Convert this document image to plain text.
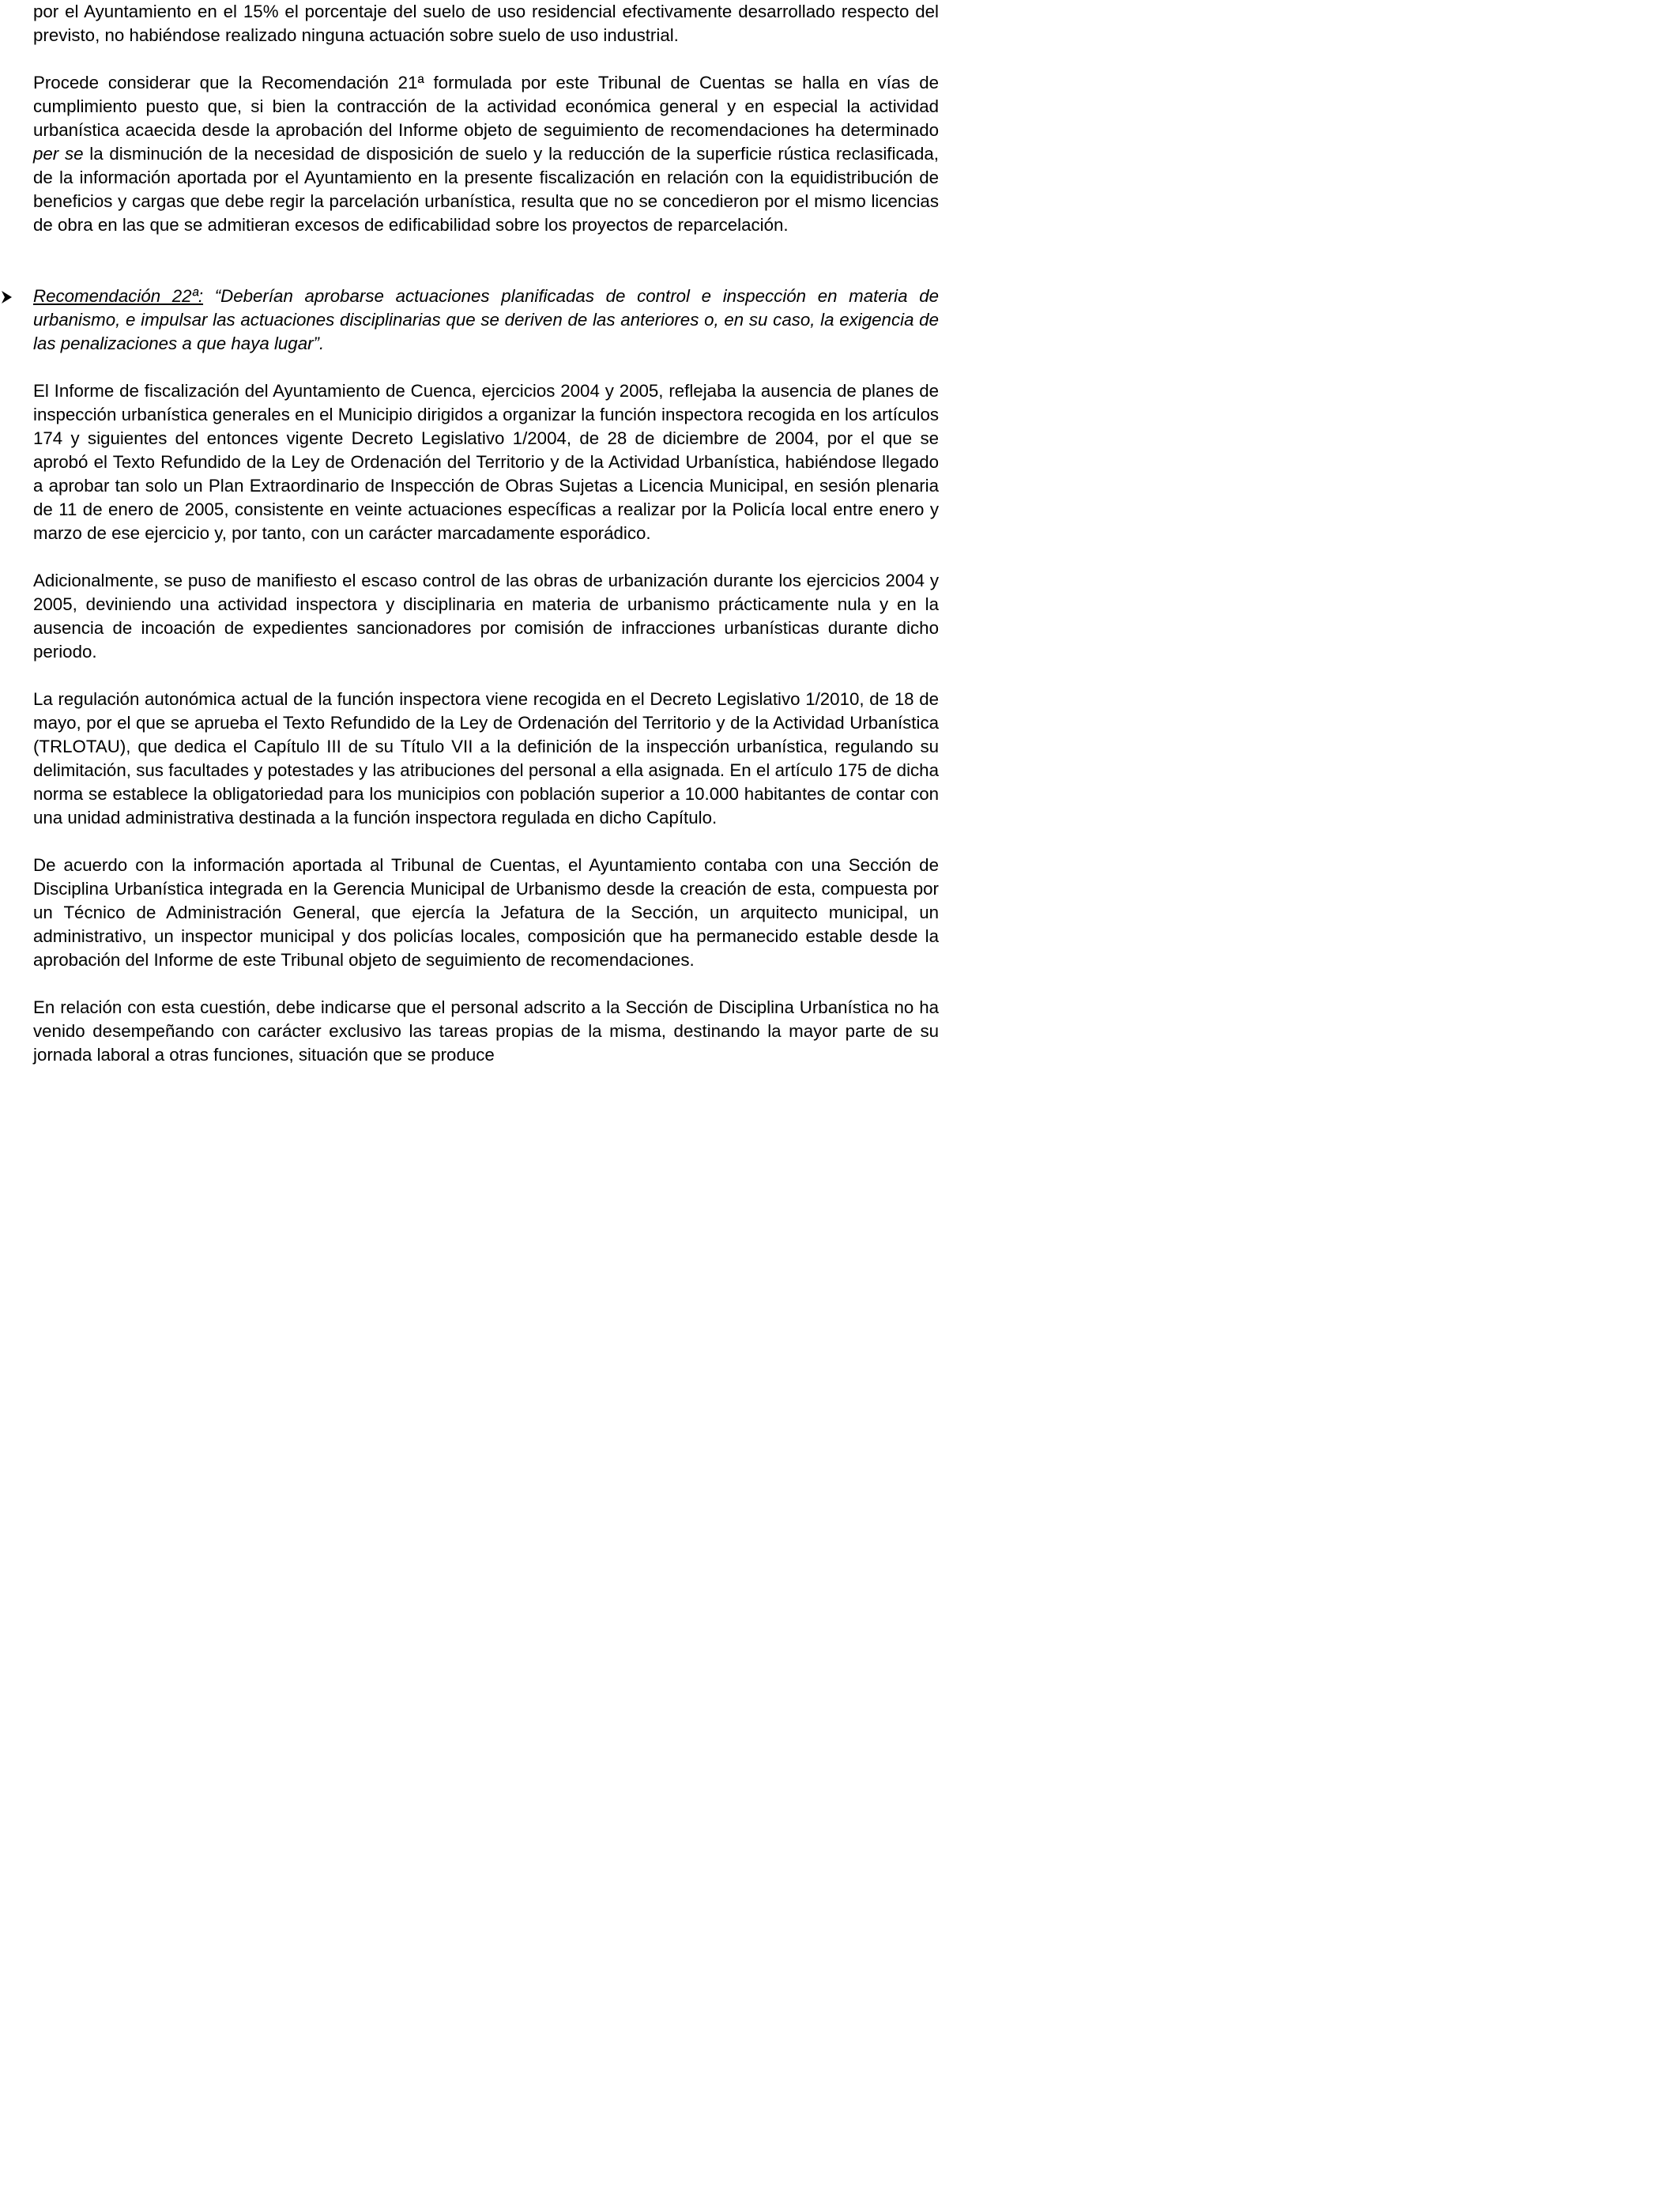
por el Ayuntamiento en el 15% el porcentaje del suelo de uso residencial efectivamente desarrollado respecto del previsto, no habiéndose realizado ninguna actuación sobre suelo de uso industrial.

Procede considerar que la Recomendación 21ª formulada por este Tribunal de Cuentas se halla en vías de cumplimiento puesto que, si bien la contracción de la actividad económica general y en especial la actividad urbanística acaecida desde la aprobación del Informe objeto de seguimiento de recomendaciones ha determinado per se la disminución de la necesidad de disposición de suelo y la reducción de la superficie rústica reclasificada, de la información aportada por el Ayuntamiento en la presente fiscalización en relación con la equidistribución de beneficios y cargas que debe regir la parcelación urbanística, resulta que no se concedieron por el mismo licencias de obra en las que se admitieran excesos de edificabilidad sobre los proyectos de reparcelación.

Recomendación 22ª: “Deberían aprobarse actuaciones planificadas de control e inspección en materia de urbanismo, e impulsar las actuaciones disciplinarias que se deriven de las anteriores o, en su caso, la exigencia de las penalizaciones a que haya lugar”.

El Informe de fiscalización del Ayuntamiento de Cuenca, ejercicios 2004 y 2005, reflejaba la ausencia de planes de inspección urbanística generales en el Municipio dirigidos a organizar la función inspectora recogida en los artículos 174 y siguientes del entonces vigente Decreto Legislativo 1/2004, de 28 de diciembre de 2004, por el que se aprobó el Texto Refundido de la Ley de Ordenación del Territorio y de la Actividad Urbanística, habiéndose llegado a aprobar tan solo un Plan Extraordinario de Inspección de Obras Sujetas a Licencia Municipal, en sesión plenaria de 11 de enero de 2005, consistente en veinte actuaciones específicas a realizar por la Policía local entre enero y marzo de ese ejercicio y, por tanto, con un carácter marcadamente esporádico.

Adicionalmente, se puso de manifiesto el escaso control de las obras de urbanización durante los ejercicios 2004 y 2005, deviniendo una actividad inspectora y disciplinaria en materia de urbanismo prácticamente nula y en la ausencia de incoación de expedientes sancionadores por comisión de infracciones urbanísticas durante dicho periodo.

La regulación autonómica actual de la función inspectora viene recogida en el Decreto Legislativo 1/2010, de 18 de mayo, por el que se aprueba el Texto Refundido de la Ley de Ordenación del Territorio y de la Actividad Urbanística (TRLOTAU), que dedica el Capítulo III de su Título VII a la definición de la inspección urbanística, regulando su delimitación, sus facultades y potestades y las atribuciones del personal a ella asignada. En el artículo 175 de dicha norma se establece la obligatoriedad para los municipios con población superior a 10.000 habitantes de contar con una unidad administrativa destinada a la función inspectora regulada en dicho Capítulo.

De acuerdo con la información aportada al Tribunal de Cuentas, el Ayuntamiento contaba con una Sección de Disciplina Urbanística integrada en la Gerencia Municipal de Urbanismo desde la creación de esta, compuesta por un Técnico de Administración General, que ejercía la Jefatura de la Sección, un arquitecto municipal, un administrativo, un inspector municipal y dos policías locales, composición que ha permanecido estable desde la aprobación del Informe de este Tribunal objeto de seguimiento de recomendaciones.

En relación con esta cuestión, debe indicarse que el personal adscrito a la Sección de Disciplina Urbanística no ha venido desempeñando con carácter exclusivo las tareas propias de la misma, destinando la mayor parte de su jornada laboral a otras funciones, situación que se produce
